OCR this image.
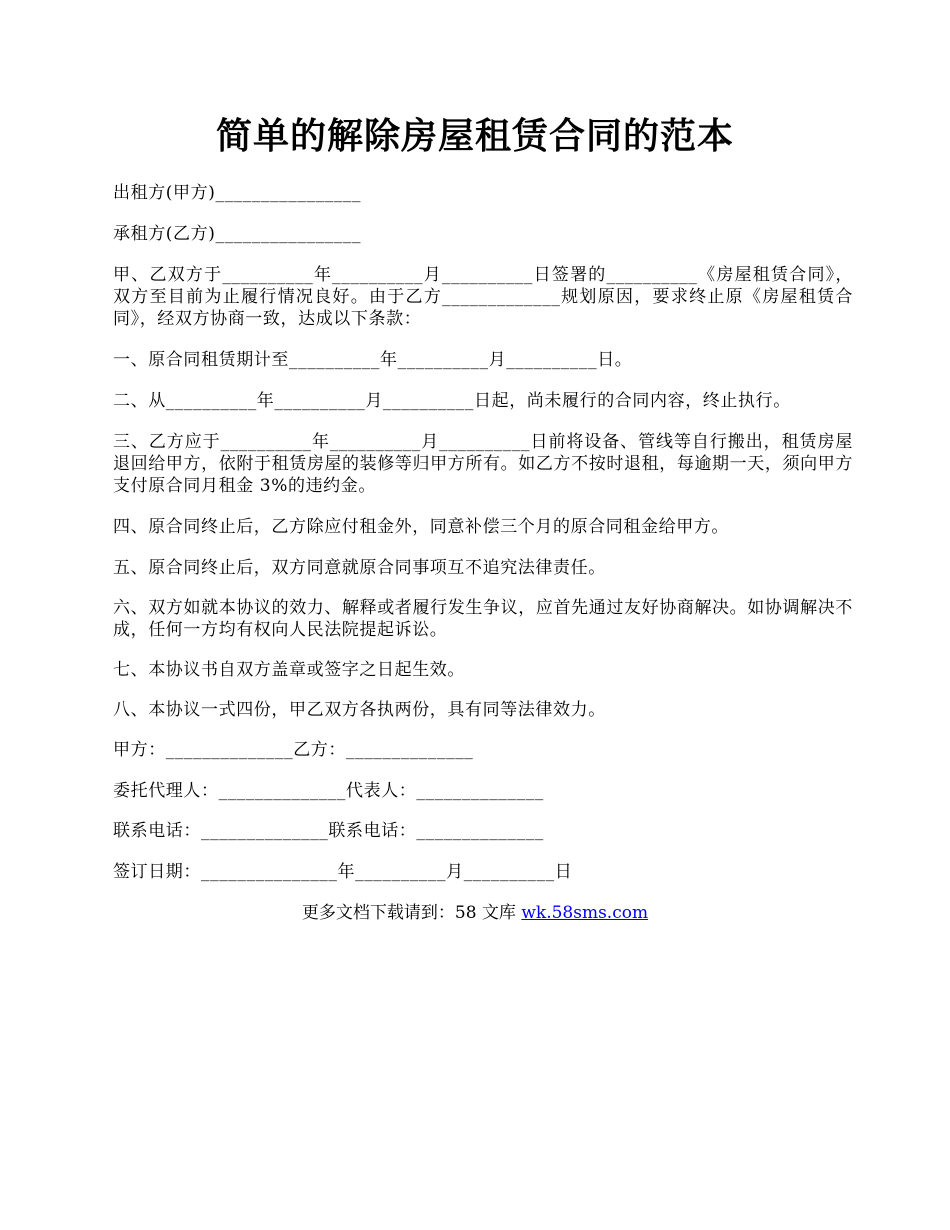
简单的解除房屋租赁合同的范本
出租方(甲方)________________
承租方(乙方)________________
甲、乙双方于__________年__________月__________日签署的__________《房屋租赁合同》，双方至目前为止履行情况良好。由于乙方_____________规划原因，要求终止原《房屋租赁合同》，经双方协商一致，达成以下条款：
一、原合同租赁期计至__________年__________月__________日。
二、从__________年__________月__________日起，尚未履行的合同内容，终止执行。
三、乙方应于__________年__________月__________日前将设备、管线等自行搬出，租赁房屋退回给甲方，依附于租赁房屋的装修等归甲方所有。如乙方不按时退租，每逾期一天，须向甲方支付原合同月租金 3%的违约金。
四、原合同终止后，乙方除应付租金外，同意补偿三个月的原合同租金给甲方。
五、原合同终止后，双方同意就原合同事项互不追究法律责任。
六、双方如就本协议的效力、解释或者履行发生争议，应首先通过友好协商解决。如协调解决不成，任何一方均有权向人民法院提起诉讼。
七、本协议书自双方盖章或签字之日起生效。
八、本协议一式四份，甲乙双方各执两份，具有同等法律效力。
甲方：______________乙方：______________
委托代理人：______________代表人：______________
联系电话：______________联系电话：______________
签订日期：_______________年__________月__________日
更多文档下载请到：58 文库 wk.58sms.com
